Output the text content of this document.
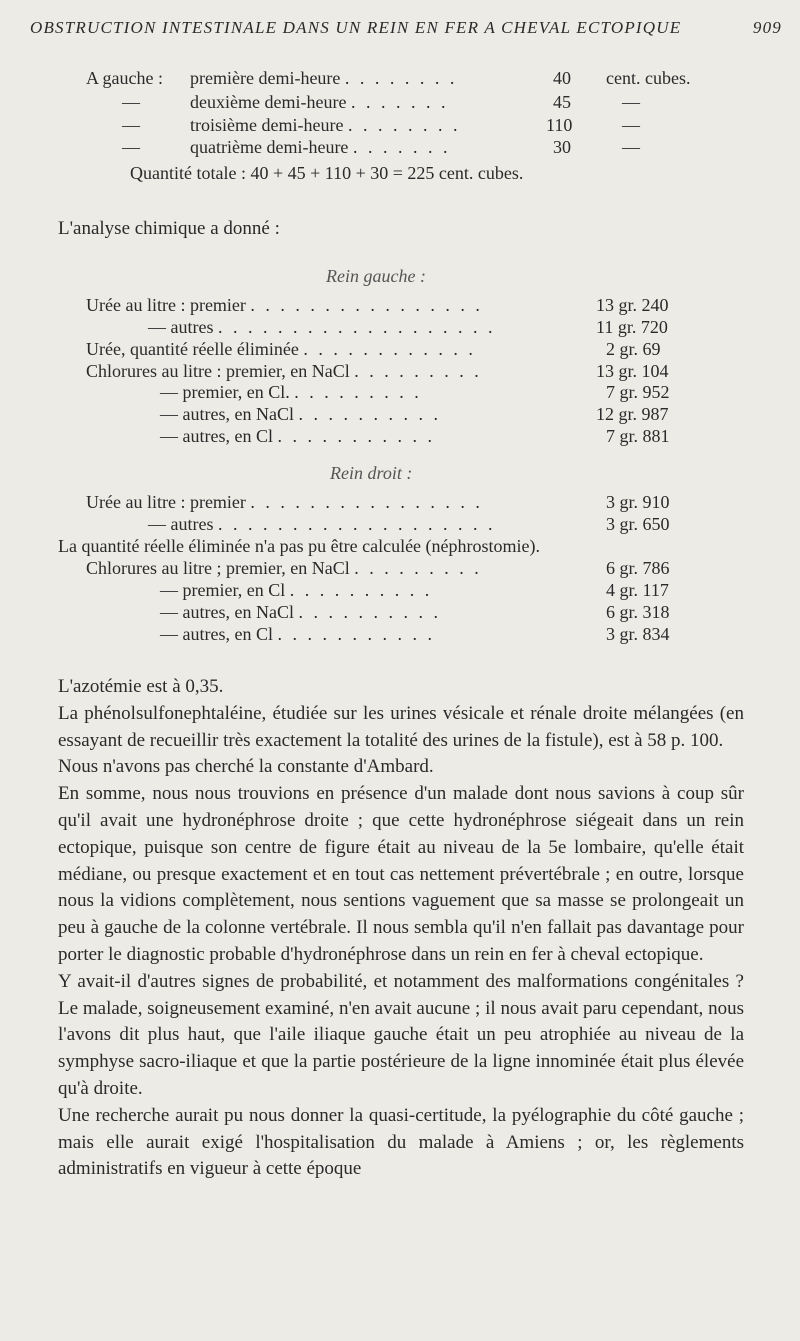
OBSTRUCTION INTESTINALE DANS UN REIN EN FER A CHEVAL ECTOPIQUE	909
A gauche : première demi-heure . . . . . . . .	40 cent. cubes.
—	deuxième demi-heure . . . . . . .	45	—
—	troisième demi-heure . . . . . . . .	110	—
—	quatrième demi-heure . . . . . . .	30	—
Quantité totale : 40 + 45 + 110 + 30 = 225 cent. cubes.
L'analyse chimique a donné :
Rein gauche :
Urée au litre : premier . . . . . . . . . . . . . . . .	13 gr. 240
— autres . . . . . . . . . . . . . . . . . . .	11 gr. 720
Urée, quantité réelle éliminée . . . . . . . . . . . .	2 gr. 69
Chlorures au litre : premier, en NaCl . . . . . . . . .	13 gr. 104
— premier, en Cl. . . . . . . . . .	7 gr. 952
— autres, en NaCl . . . . . . . . . .	12 gr. 987
— autres, en Cl . . . . . . . . . . .	7 gr. 881
Rein droit :
Urée au litre : premier . . . . . . . . . . . . . . . .	3 gr. 910
— autres . . . . . . . . . . . . . . . . . . .	3 gr. 650
La quantité réelle éliminée n'a pas pu être calculée (néphrostomie).
Chlorures au litre ; premier, en NaCl . . . . . . . . .	6 gr. 786
— premier, en Cl . . . . . . . . . .	4 gr. 117
— autres, en NaCl . . . . . . . . . .	6 gr. 318
— autres, en Cl . . . . . . . . . . .	3 gr. 834

L'azotémie est à 0,35.

La phénolsulfonephtaléine, étudiée sur les urines vésicale et rénale droite mélangées (en essayant de recueillir très exactement la totalité des urines de la fistule), est à 58 p. 100.

Nous n'avons pas cherché la constante d'Ambard.

En somme, nous nous trouvions en présence d'un malade dont nous savions à coup sûr qu'il avait une hydronéphrose droite ; que cette hydronéphrose siégeait dans un rein ectopique, puisque son centre de figure était au niveau de la 5e lombaire, qu'elle était médiane, ou presque exactement et en tout cas nettement prévertébrale ; en outre, lorsque nous la vidions complètement, nous sentions vaguement que sa masse se prolongeait un peu à gauche de la colonne vertébrale. Il nous sembla qu'il n'en fallait pas davantage pour porter le diagnostic probable d'hydronéphrose dans un rein en fer à cheval ectopique.

Y avait-il d'autres signes de probabilité, et notamment des malformations congénitales ? Le malade, soigneusement examiné, n'en avait aucune ; il nous avait paru cependant, nous l'avons dit plus haut, que l'aile iliaque gauche était un peu atrophiée au niveau de la symphyse sacro-iliaque et que la partie postérieure de la ligne innominée était plus élevée qu'à droite.

Une recherche aurait pu nous donner la quasi-certitude, la pyélographie du côté gauche ; mais elle aurait exigé l'hospitalisation du malade à Amiens ; or, les règlements administratifs en vigueur à cette époque
